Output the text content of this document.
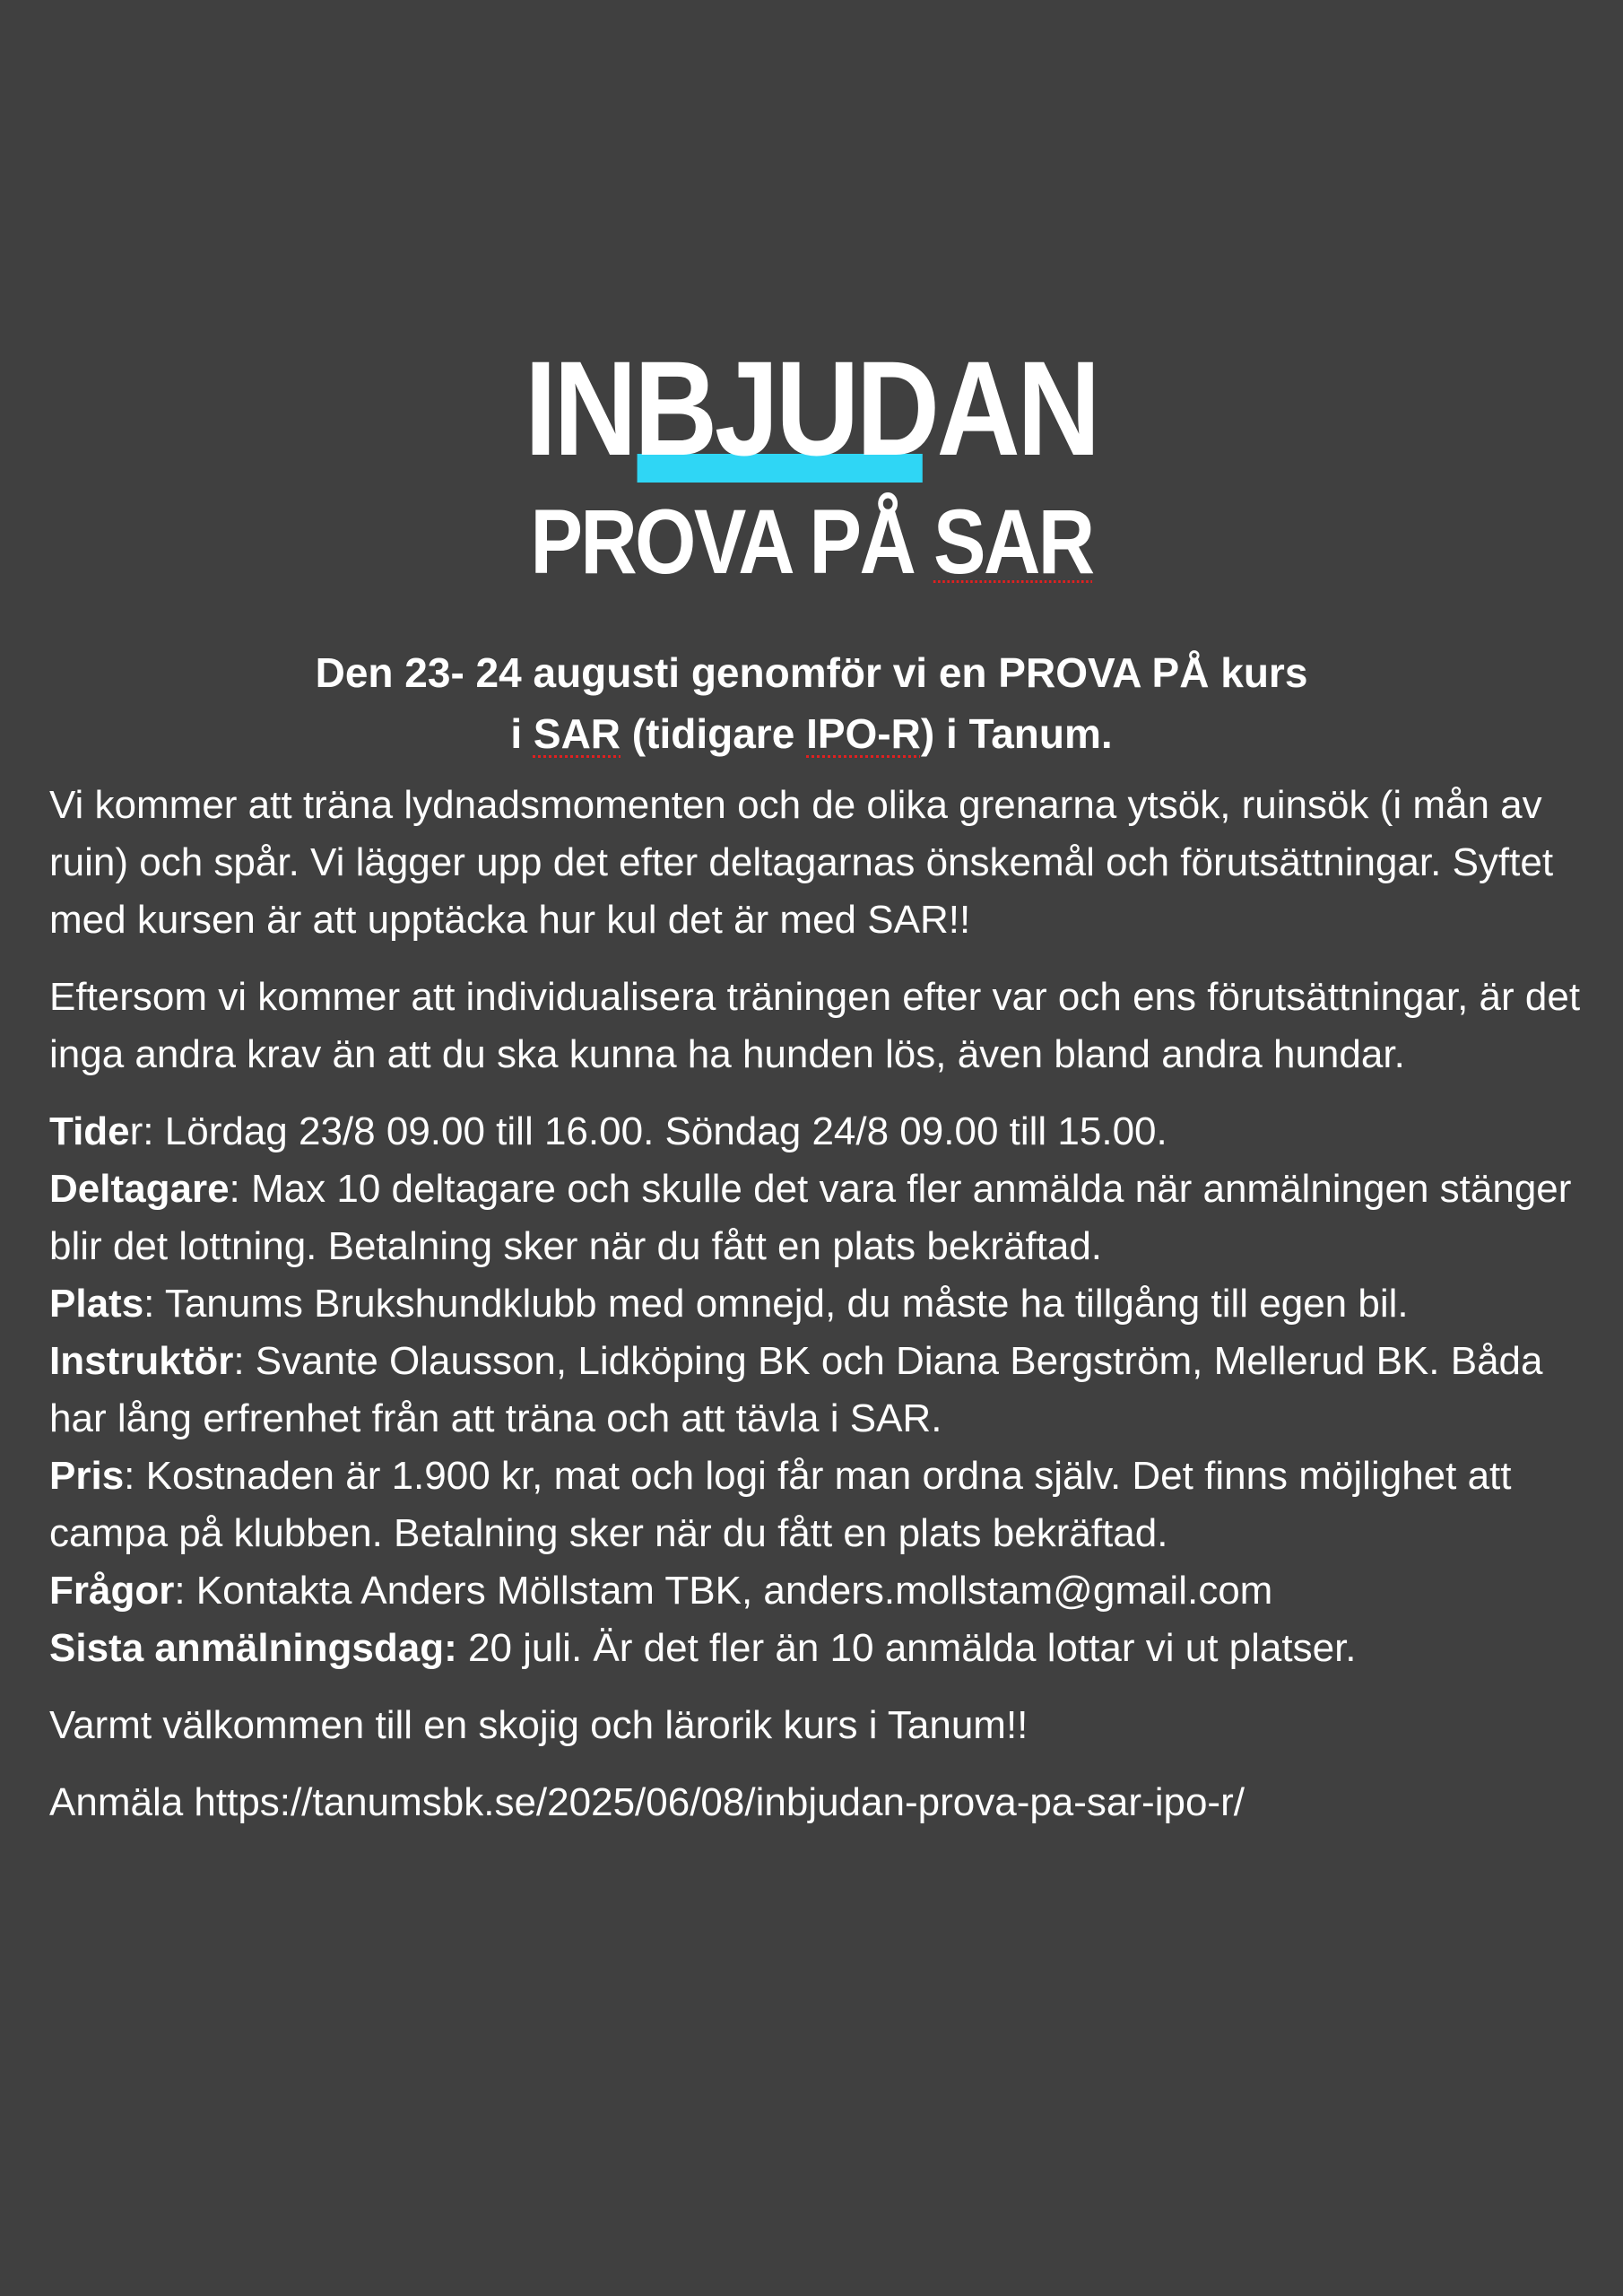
INBJUDAN
PROVA PÅ SAR
Den 23- 24 augusti genomför vi en PROVA PÅ kurs
i SAR (tidigare IPO-R) i Tanum.

Vi kommer att träna lydnadsmomenten och de olika grenarna ytsök, ruinsök (i mån av ruin) och spår. Vi lägger upp det efter deltagarnas önskemål och förutsättningar. Syftet med kursen är att upptäcka hur kul det är med SAR!!

Eftersom vi kommer att individualisera träningen efter var och ens förutsättningar, är det inga andra krav än att du ska kunna ha hunden lös, även bland andra hundar.

Tider: Lördag 23/8 09.00 till 16.00. Söndag 24/8 09.00 till 15.00.
Deltagare: Max 10 deltagare och skulle det vara fler anmälda när anmälningen stänger blir det lottning. Betalning sker när du fått en plats bekräftad.
Plats: Tanums Brukshundklubb med omnejd, du måste ha tillgång till egen bil.
Instruktör: Svante Olausson, Lidköping BK och Diana Bergström, Mellerud BK. Båda har lång erfrenhet från att träna och att tävla i SAR.
Pris: Kostnaden är 1.900 kr, mat och logi får man ordna själv. Det finns möjlighet att campa på klubben. Betalning sker när du fått en plats bekräftad.
Frågor: Kontakta Anders Möllstam TBK, anders.mollstam@gmail.com
Sista anmälningsdag: 20 juli. Är det fler än 10 anmälda lottar vi ut platser.

Varmt välkommen till en skojig och lärorik kurs i Tanum!!

Anmäla https://tanumsbk.se/2025/06/08/inbjudan-prova-pa-sar-ipo-r/
